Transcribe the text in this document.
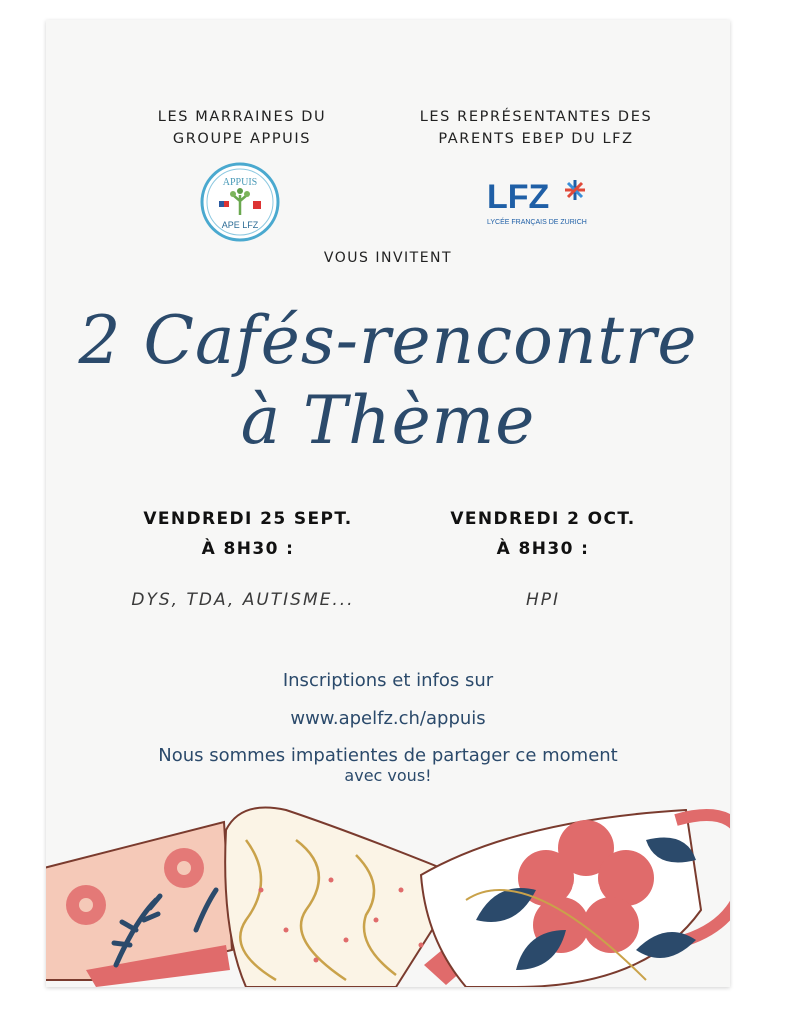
LES MARRAINES DU
GROUPE APPUIS
LES REPRÉSENTANTES DES
PARENTS EBEP DU LFZ
APPUIS
APE LFZ
LFZ
LYCÉE FRANÇAIS DE ZURICH
VOUS INVITENT
2 Cafés-rencontre
à Thème
VENDREDI 25 SEPT.
À 8H30 :
VENDREDI 2 OCT.
À 8H30 :
DYS, TDA, AUTISME...	HPI
Inscriptions et infos sur
www.apelfz.ch/appuis
Nous sommes impatientes de partager ce moment
avec vous!
